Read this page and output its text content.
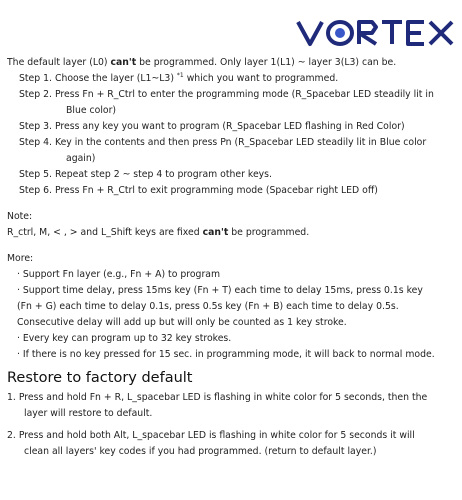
The default layer (L0) can't be programmed. Only layer 1(L1) ~ layer 3(L3) can be.

Step 1. Choose the layer (L1~L3) $^{*1}$ which you want to programmed.

Step 2. Press Fn + R_Ctrl to enter the programming mode (R_Spacebar LED steadily lit in

Blue color)

Step 3. Press any key you want to program (R_Spacebar LED flashing in Red Color)

Step 4. Key in the contents and then press Pn (R_Spacebar LED steadily lit in Blue color

again)

Step 5. Repeat step 2 ~ step 4 to program other keys.

Step 6. Press Fn + R_Ctrl to exit programming mode (Spacebar right LED off)

Note:

R_ctrl, M, < , > and L_Shift keys are fixed can't be programmed.

More:

· Support Fn layer (e.g., Fn + A) to program

· Support time delay, press 15ms key (Fn + T) each time to delay 15ms, press 0.1s key

(Fn + G) each time to delay 0.1s, press 0.5s key (Fn + B) each time to delay 0.5s.

Consecutive delay will add up but will only be counted as 1 key stroke.

· Every key can program up to 32 key strokes.

· If there is no key pressed for 15 sec. in programming mode, it will back to normal mode.

Restore to factory default

1. Press and hold Fn + R, L_spacebar LED is flashing in white color for 5 seconds, then the

layer will restore to default.

2. Press and hold both Alt, L_spacebar LED is flashing in white color for 5 seconds it will

clean all layers' key codes if you had programmed. (return to default layer.)
